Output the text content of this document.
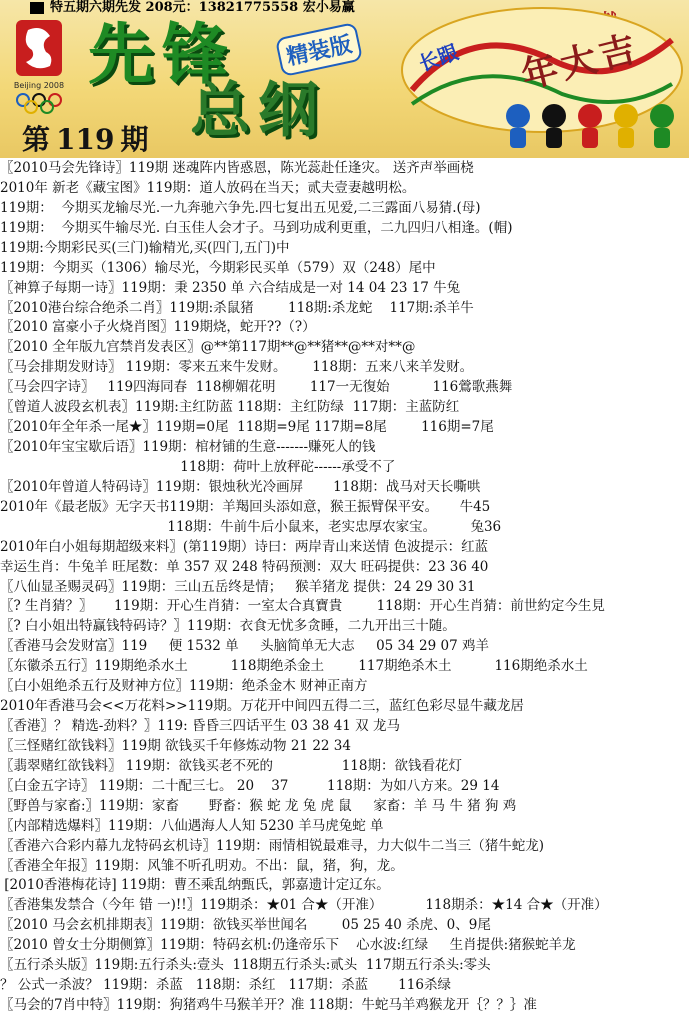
特五期六期先发 208元：13821775558 宏小易赢
Beijing 2008 先锋	精装版
总纲
第 119 期
长跟 年大吉
〖2010马会先锋诗〗119期 迷魂阵内皆惑恩，陈光蕊赴任逢灾。 送齐声举画桡
2010年 新老《藏宝图》119期：道人放码在当天；贰夫壹妻越明松。
119期：  今期买龙输尽光.一九奔驰六争先.四七复出五见爱,二三露面八易猜.(母)
119期：  今期买牛输尽光. 白玉佳人会才子。马到功成利更重，二九四归八相逢。(帽)
119期:今期彩民买(三门)输精光,买(四门,五门)中
119期：今期买（1306）输尽光，今期彩民买单（579）双（248）尾中
〖神算子每期一诗〗119期：秉 2350 单 六合结成是一对 14 04 23 17 牛兔
〖2010港台综合绝杀二肖〗119期:杀鼠猪        118期:杀龙蛇    117期:杀羊牛
〖2010 富豪小子火烧肖图〗119期烧，蛇开??（?）
〖2010 全年版九宫禁肖发表区〗@**第117期**@**猪**@**对**@
〖马会排期发财诗〗 119期：零来五来牛发财。      118期：五来八来羊发财。
〖马会四字诗〗   119四海同春  118柳媚花明        117一无復始          116鶯歌燕舞
〖曾道人波段玄机表〗119期:主红防蓝 118期：主红防绿  117期：主蓝防红
〖2010年全年杀一尾★〗119期=0尾  118期=9尾 117期=8尾        116期=7尾
〖2010年宝宝歇后语〗119期：棺材铺的生意-------赚死人的钱
118期：荷叶上放秤砣------承受不了
〖2010年曾道人特码诗〗119期：银烛秋光冷画屏       118期：战马对天长嘶哄
2010年《最老版》无字天书119期：羊羯回头添如意，猴王振臂保平安。     牛45
118期：牛前牛后小鼠来，老实忠厚农家宝。        兔36
2010年白小姐每期超级来料〗(第119期）诗曰：两岸青山来送情 色波提示：红蓝
幸运生肖：牛兔羊 旺尾数：单 357 双 248 特码预测：双大 旺码提供：23 36 40
〖八仙显圣赐灵码〗119期：三山五岳终是情；   猴羊猪龙 提供：24 29 30 31
〖? 生肖猜？〗     119期：开心生肖猜：一室太合真寶貴        118期：开心生肖猜：前世約定今生見
〖? 白小姐出特赢钱特码诗？〗119期：衣食无忧多贪睡，二九开出三十随。
〖香港马会发财富〗119     便 1532 单     头脑简单无大志     05 34 29 07 鸡羊
〖东徽杀五行〗119期绝杀水土          118期绝杀金土        117期绝杀木土          116期绝杀水土
〖白小姐绝杀五行及财神方位〗119期：绝杀金木 财神正南方
2010年香港马会<<万花料>>119期。万花开中间四五得二三，蓝红色彩尽显牛藏龙居
〖香港〗？ 精选-劲料？〗119: 昏昏三四话平生 03 38 41 双 龙马
〖三怪赌红欲钱料〗119期 欲钱买千年修炼动物 21 22 34
〖翡翠赌红欲钱料〗 119期：欲钱买老不死的                118期：欲钱看花灯
〖白金五字诗〗 119期：二十配三七。 20    37         118期：为如八方来。29 14
〖野兽与家畜:〗119期：家畜       野畜：猴 蛇 龙 兔 虎 鼠     家畜：羊 马 牛 猪 狗 鸡
〖内部精选爆料〗119期：八仙遇海人人知 5230 羊马虎兔蛇 单
〖香港六合彩内幕九龙特码玄机诗〗119期：雨情相锐最难寻，力大似牛二当三（猪牛蛇龙)
〖香港全年报〗119期：风雏不听孔明劝。不出：鼠，猪，狗，龙。
[2010香港梅花诗] 119期：曹丕乘乱纳甄氏，郭嘉遗计定辽东。
〖香港集发禁合（今年 错 一)!!〗119期杀：★01 合★（开准）          118期杀：★14 合★（开准）
〖2010 马会玄机排期表〗119期：欲钱买举世闻名        05 25 40 杀虎、0、9尾
〖2010 曾女士分期侧算〗119期：特码玄机:仍逢帝乐下    心水波:红绿     生肖提供:猪猴蛇羊龙
〖五行杀头版〗119期:五行杀头:壹头  118期五行杀头:贰头  117期五行杀头:零头
？ 公式一杀波？ 119期：杀蓝   118期：杀红   117期：杀蓝       116杀绿
〖马会的7肖中特〗119期：狗猪鸡牛马猴羊开？准 118期：牛蛇马羊鸡猴龙开｛？？｝准
